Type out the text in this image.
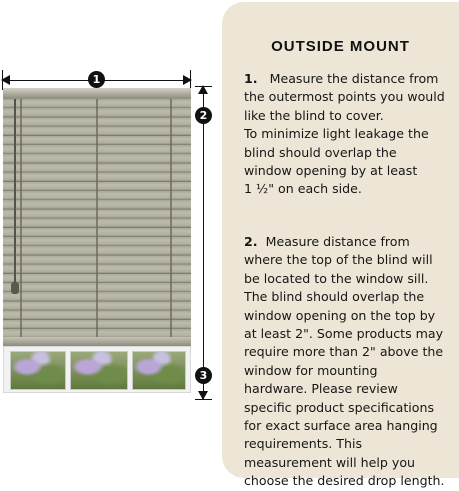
1
2
3
OUTSIDE MOUNT

1. Measure the distance from
the outermost points you would
like the blind to cover.
To minimize light leakage the
blind should overlap the
window opening by at least
1 ½" on each side.

2. Measure distance from
where the top of the blind will
be located to the window sill.
The blind should overlap the
window opening on the top by
at least 2". Some products may
require more than 2" above the
window for mounting
hardware. Please review
specific product specifications
for exact surface area hanging
requirements. This
measurement will help you
choose the desired drop length.
